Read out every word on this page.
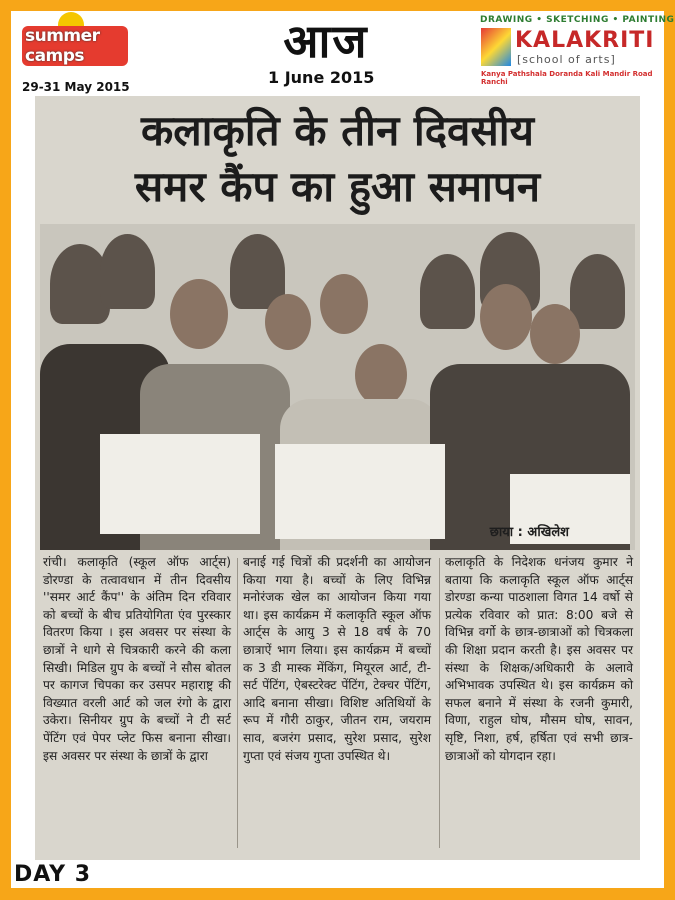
summer camps
29-31 May 2015
आज
1 June 2015
DRAWING • SKETCHING • PAINTING
KALAKRITI
[school of arts]
Kanya Pathshala Doranda Kali Mandir Road Ranchi
कलाकृति के तीन दिवसीय
समर कैंप का हुआ समापन
छाया : अखिलेश
रांची। कलाकृति (स्कूल ऑफ आर्ट्स) डोरण्डा के तत्वावधान में तीन दिवसीय ''समर आर्ट कैंप'' के अंतिम दिन रविवार को बच्चों के बीच प्रतियोगिता एंव पुरस्कार वितरण किया । इस अवसर पर संस्था के छात्रों ने धागे से चित्रकारी करने की कला सिखी। मिडिल ग्रुप के बच्चों ने सौस बोतल पर कागज चिपका कर उसपर महाराष्ट्र की विख्यात वरली आर्ट को जल रंगो के द्वारा उकेरा। सिनीयर ग्रुप के बच्चों ने टी सर्ट पेंटिंग एवं पेपर प्लेट फिस बनाना सीखा। इस अवसर पर संस्था के छात्रों के द्वारा
बनाई गई चित्रों की प्रदर्शनी का आयोजन किया गया है। बच्चों के लिए विभिन्न मनोरंजक खेल का आयोजन किया गया था। इस कार्यक्रम में कलाकृति स्कूल ऑफ आर्ट्स के आयु 3 से 18 वर्ष के 70 छात्राऐं भाग लिया। इस कार्यक्रम में बच्चों क 3 डी मास्क मेंकिंग, मियूरल आर्ट, टी-सर्ट पेंटिंग, ऐबस्टरेक्ट पेंटिंग, टेक्चर पेंटिंग, आदि बनाना सीखा। विशिष्ट अतिथियों के रूप में गौरी ठाकुर, जीतन राम, जयराम साव, बजरंग प्रसाद, सुरेश प्रसाद, सुरेश गुप्ता एवं संजय गुप्ता उपस्थित थे।
कलाकृति के निदेशक धनंजय कुमार ने बताया कि कलाकृति स्कूल ऑफ आर्ट्स डोरण्डा कन्या पाठशाला विगत 14 वर्षो से प्रत्येक रविवार को प्रात: 8:00 बजे से विभिन्न वर्गो के छात्र-छात्राओं को चित्रकला की शिक्षा प्रदान करती है। इस अवसर पर संस्था के शिक्षक/अधिकारी के अलावे अभिभावक उपस्थित थे। इस कार्यक्रम को सफल बनाने में संस्था के रजनी कुमारी, विणा, राहुल घोष, मौसम घोष, सावन, सृष्टि, निशा, हर्ष, हर्षिता एवं सभी छात्र-छात्राओं को योगदान रहा।
DAY 3
